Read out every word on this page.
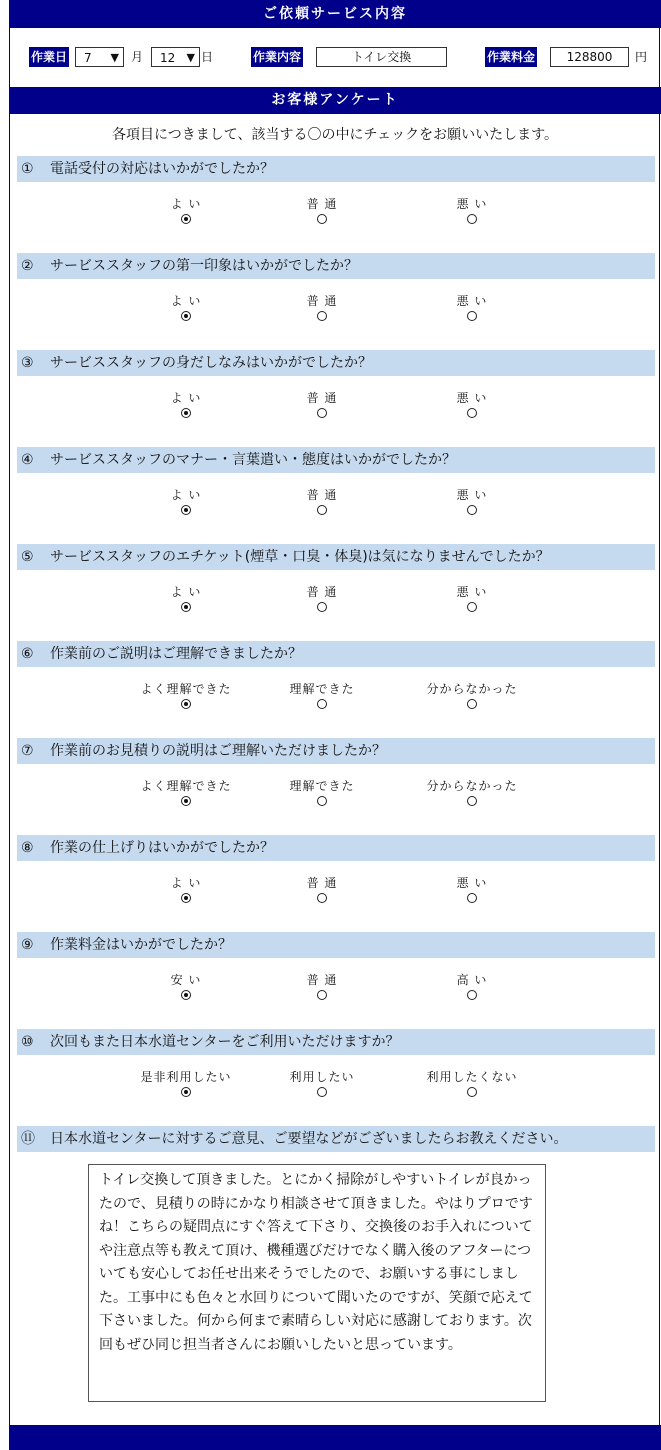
ご依頼サービス内容
作業日 7 ▼ 月 12 ▼ 日	作業内容	トイレ交換	作業料金	128800	円
お客様アンケート
各項目につきまして、該当する〇の中にチェックをお願いいたします。
① 電話受付の対応はいかがでしたか？
よ い	普 通	悪 い
② サービススタッフの第一印象はいかがでしたか？
よ い	普 通	悪 い
③ サービススタッフの身だしなみはいかがでしたか？
よ い	普 通	悪 い
④ サービススタッフのマナー・言葉遣い・態度はいかがでしたか？
よ い	普 通	悪 い
⑤ サービススタッフのエチケット(煙草・口臭・体臭)は気になりませんでしたか？
よ い	普 通	悪 い
⑥ 作業前のご説明はご理解できましたか？
よく理解できた	理解できた	分からなかった
⑦ 作業前のお見積りの説明はご理解いただけましたか？
よく理解できた	理解できた	分からなかった
⑧ 作業の仕上げりはいかがでしたか？
よ い	普 通	悪 い
⑨ 作業料金はいかがでしたか？
安 い	普 通	高 い
⑩ 次回もまた日本水道センターをご利用いただけますか？
是非利用したい	利用したい	利用したくない
⑪ 日本水道センターに対するご意見、ご要望などがございましたらお教えください。
トイレ交換して頂きました。とにかく掃除がしやすいトイレが良かったので、見積りの時にかなり相談させて頂きました。やはりプロですね！こちらの疑問点にすぐ答えて下さり、交換後のお手入れについてや注意点等も教えて頂け、機種選びだけでなく購入後のアフターについても安心してお任せ出来そうでしたので、お願いする事にしました。工事中にも色々と水回りについて聞いたのですが、笑顔で応えて下さいました。何から何まで素晴らしい対応に感謝しております。次回もぜひ同じ担当者さんにお願いしたいと思っています。
